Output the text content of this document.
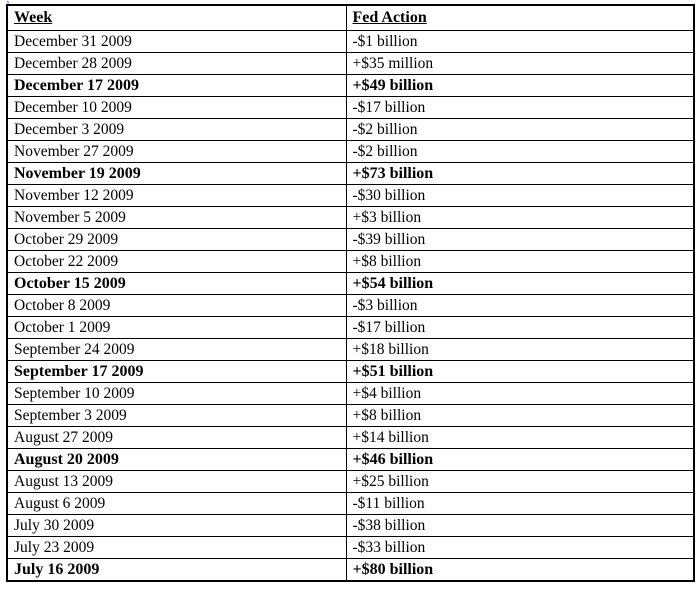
1
Week	Fed Action
December 31 2009	-$1 billion
December 28 2009	+$35 million
December 17 2009	+$49 billion
December 10 2009	-$17 billion
December 3 2009	-$2 billion
November 27 2009	-$2 billion
November 19 2009	+$73 billion
November 12 2009	-$30 billion
November 5 2009	+$3 billion
October 29 2009	-$39 billion
October 22 2009	+$8 billion
October 15 2009	+$54 billion
October 8 2009	-$3 billion
October 1 2009	-$17 billion
September 24 2009	+$18 billion
September 17 2009	+$51 billion
September 10 2009	+$4 billion
September 3 2009	+$8 billion
August 27 2009	+$14 billion
August 20 2009	+$46 billion
August 13 2009	+$25 billion
August 6 2009	-$11 billion
July 30 2009	-$38 billion
July 23 2009	-$33 billion
July 16 2009	+$80 billion
